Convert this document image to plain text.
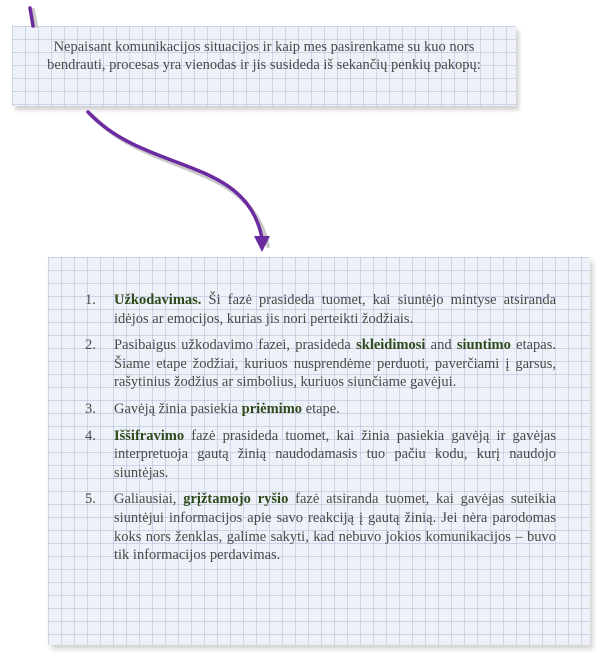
Nepaisant komunikacijos situacijos ir kaip mes pasirenkame su kuo nors bendrauti, procesas yra vienodas ir jis susideda iš sekančių penkių pakopų:
1.	Užkodavimas. Ši fazė prasideda tuomet, kai siuntėjo mintyse atsiranda idėjos ar emocijos, kurias jis nori perteikti žodžiais.
2.	Pasibaigus užkodavimo fazei, prasideda skleidimosi and siuntimo etapas. Šiame etape žodžiai, kuriuos nusprendėme perduoti, paverčiami į garsus, rašytinius žodžius ar simbolius, kuriuos siunčiame gavėjui.
3.	Gavėją žinia pasiekia priėmimo etape.
4.	Iššifravimo fazė prasideda tuomet, kai žinia pasiekia gavėją ir gavėjas interpretuoja gautą žinią naudodamasis tuo pačiu kodu, kurį naudojo siuntėjas.
5.	Galiausiai, grįžtamojo ryšio fazė atsiranda tuomet, kai gavėjas suteikia siuntėjui informacijos apie savo reakciją į gautą žinią. Jei nėra parodomas koks nors ženklas, galime sakyti, kad nebuvo jokios komunikacijos – buvo tik informacijos perdavimas.
